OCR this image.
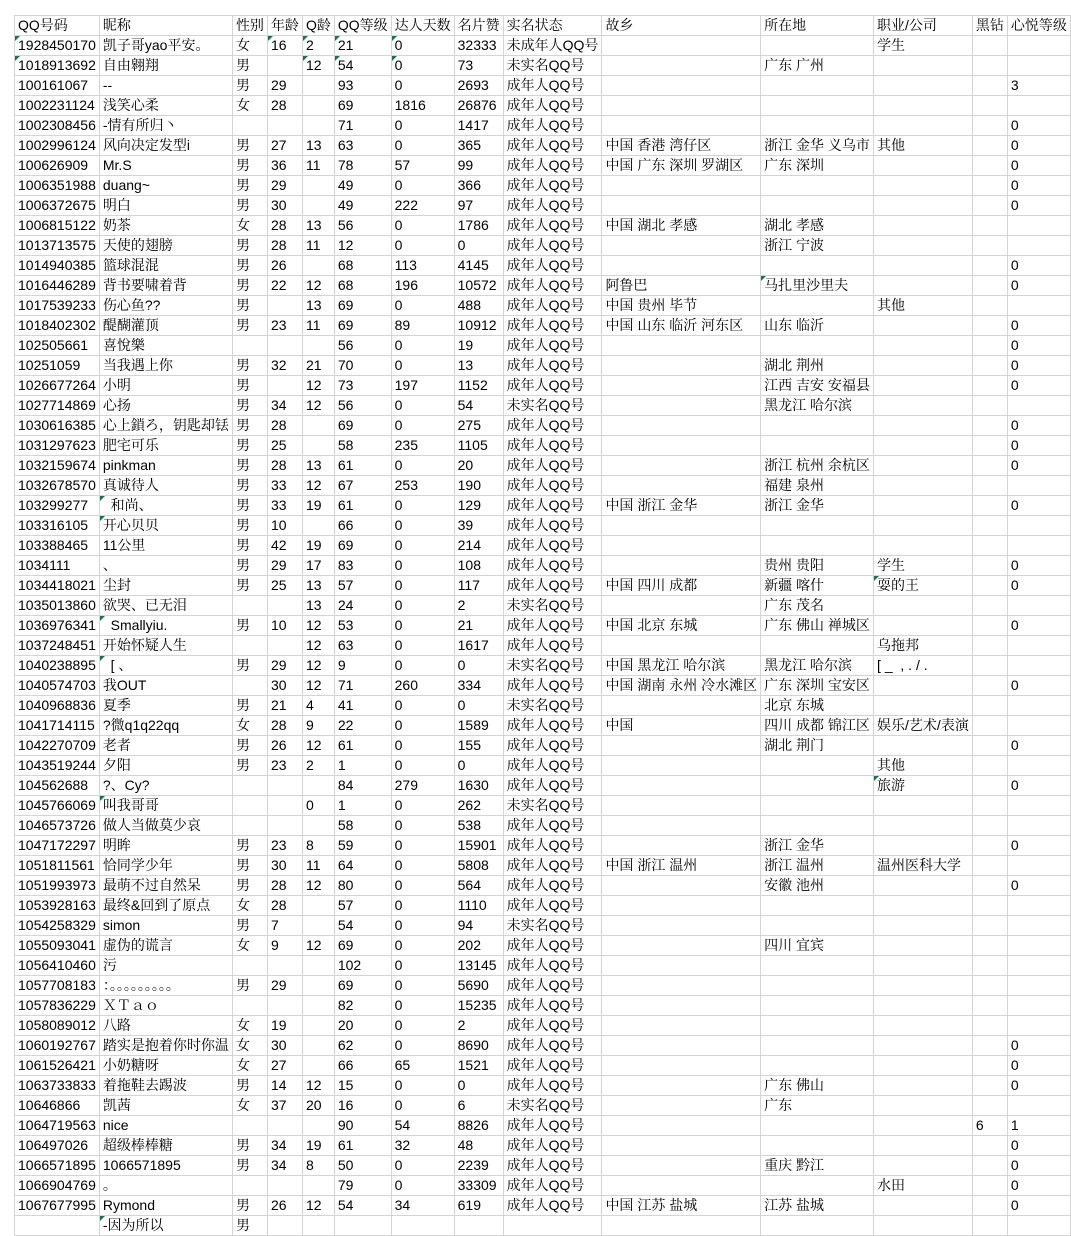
QQ号码	昵称	性别	年龄	Q龄	QQ等级	达人天数	名片赞	实名状态	故乡	所在地	职业/公司	黑钻	心悦等级
1928450170	凯子哥yao平安。	女	16	2	21	0	32333	未成年人QQ号			学生		
1018913692	自由翱翔	男		12	54	0	73	未实名QQ号		广东 广州			
100161067	--	男	29		93	0	2693	成年人QQ号					3
1002231124	浅笑心柔	女	28		69	1816	26876	成年人QQ号					
1002308456	-情有所归丶				71	0	1417	成年人QQ号					0
1002996124	风向决定发型i	男	27	13	63	0	365	成年人QQ号	中国 香港 湾仔区	浙江 金华 义乌市	其他		0
100626909	Mr.S	男	36	11	78	57	99	成年人QQ号	中国 广东 深圳 罗湖区	广东 深圳			0
1006351988	duang~	男	29		49	0	366	成年人QQ号					0
1006372675	明白	男	30		49	222	97	成年人QQ号					0
1006815122	奶茶	女	28	13	56	0	1786	成年人QQ号	中国 湖北 孝感	湖北 孝感			
1013713575	天使的翅膀	男	28	11	12	0	0	成年人QQ号		浙江 宁波			
1014940385	篮球混混	男	26		68	113	4145	成年人QQ号					0
1016446289	背书要啸着背	男	22	12	68	196	10572	成年人QQ号	阿鲁巴	马扎里沙里夫			0
1017539233	伤心鱼??	男		13	69	0	488	成年人QQ号	中国 贵州 毕节		其他		
1018402302	醍醐灌顶	男	23	11	69	89	10912	成年人QQ号	中国 山东 临沂 河东区	山东 临沂			0
102505661	喜悅樂				56	0	19	成年人QQ号					0
10251059	当我遇上你	男	32	21	70	0	13	成年人QQ号		湖北 荆州			0
1026677264	小明	男		12	73	197	1152	成年人QQ号		江西 吉安 安福县			0
1027714869	心扬	男	34	12	56	0	54	未实名QQ号		黑龙江 哈尔滨			
1030616385	心上鎖ろ，钥匙却铥	男	28		69	0	275	成年人QQ号					0
1031297623	肥宅可乐	男	25		58	235	1105	成年人QQ号					0
1032159674	pinkman	男	28	13	61	0	20	成年人QQ号		浙江 杭州 余杭区			0
1032678570	真诚待人	男	33	12	67	253	190	成年人QQ号		福建 泉州			
103299277	和尚、	男	33	19	61	0	129	成年人QQ号	中国 浙江 金华	浙江 金华			0
103316105	开心贝贝	男	10		66	0	39	成年人QQ号					
103388465	11公里	男	42	19	69	0	214	成年人QQ号					
1034111	、	男	29	17	83	0	108	成年人QQ号		贵州 贵阳	学生		0
1034418021	尘封	男	25	13	57	0	117	成年人QQ号	中国 四川 成都	新疆 喀什	耍的王		0
1035013860	欲哭、已无泪			13	24	0	2	未实名QQ号		广东 茂名			
1036976341	Smallyiu.	男	10	12	53	0	21	成年人QQ号	中国 北京 东城	广东 佛山 禅城区			0
1037248451	开始怀疑人生			12	63	0	1617	成年人QQ号			乌拖邦		
1040238895	[ 、	男	29	12	9	0	0	未实名QQ号	中国 黑龙江 哈尔滨	黑龙江 哈尔滨	[ _  , . / .		
1040574703	我OUT		30	12	71	260	334	成年人QQ号	中国 湖南 永州 冷水滩区	广东 深圳 宝安区			0
1040968836	夏季	男	21	4	41	0	0	未实名QQ号		北京 东城			
1041714115	?微q1q22qq	女	28	9	22	0	1589	成年人QQ号	中国	四川 成都 锦江区	娱乐/艺术/表演		
1042270709	老者	男	26	12	61	0	155	成年人QQ号		湖北 荆门			0
1043519244	夕阳	男	23	2	1	0	0	成年人QQ号			其他		
104562688	?、Cy?				84	279	1630	成年人QQ号			旅游		0
1045766069	叫我哥哥			0	1	0	262	未实名QQ号					
1046573726	做人当做莫少哀				58	0	538	成年人QQ号					
1047172297	明眸	男	23	8	59	0	15901	成年人QQ号		浙江 金华			0
1051811561	恰同学少年	男	30	11	64	0	5808	成年人QQ号	中国 浙江 温州	浙江 温州	温州医科大学		
1051993973	最萌不过自然呆	男	28	12	80	0	564	成年人QQ号		安徽 池州			0
1053928163	最终&回到了原点	女	28		57	0	1110	成年人QQ号					
1054258329	simon	男	7		54	0	94	未实名QQ号					
1055093041	虚伪的谎言	女	9	12	69	0	202	成年人QQ号		四川 宜宾			
1056410460	污				102	0	13145	成年人QQ号					
1057708183	：。。。。。。。。。	男	29		69	0	5690	成年人QQ号					
1057836229	ＸＴａｏ				82	0	15235	成年人QQ号					
1058089012	八路	女	19		20	0	2	成年人QQ号					
1060192767	踏实是抱着你时你温	女	30		62	0	8690	成年人QQ号					0
1061526421	小奶糖呀	女	27		66	65	1521	成年人QQ号					0
1063733833	着拖鞋去踢波	男	14	12	15	0	0	成年人QQ号		广东 佛山			0
10646866	凯茜	女	37	20	16	0	6	未实名QQ号		广东			
1064719563	nice				90	54	8826	成年人QQ号				6	1
106497026	超级棒棒糖	男	34	19	61	32	48	成年人QQ号					0
1066571895	1066571895	男	34	8	50	0	2239	成年人QQ号		重庆 黔江			0
1066904769	。				79	0	33309	成年人QQ号			水田		0
1067677995	Rymond	男	26	12	54	34	619	成年人QQ号	中国 江苏 盐城	江苏 盐城			0
	-因为所以	男											
